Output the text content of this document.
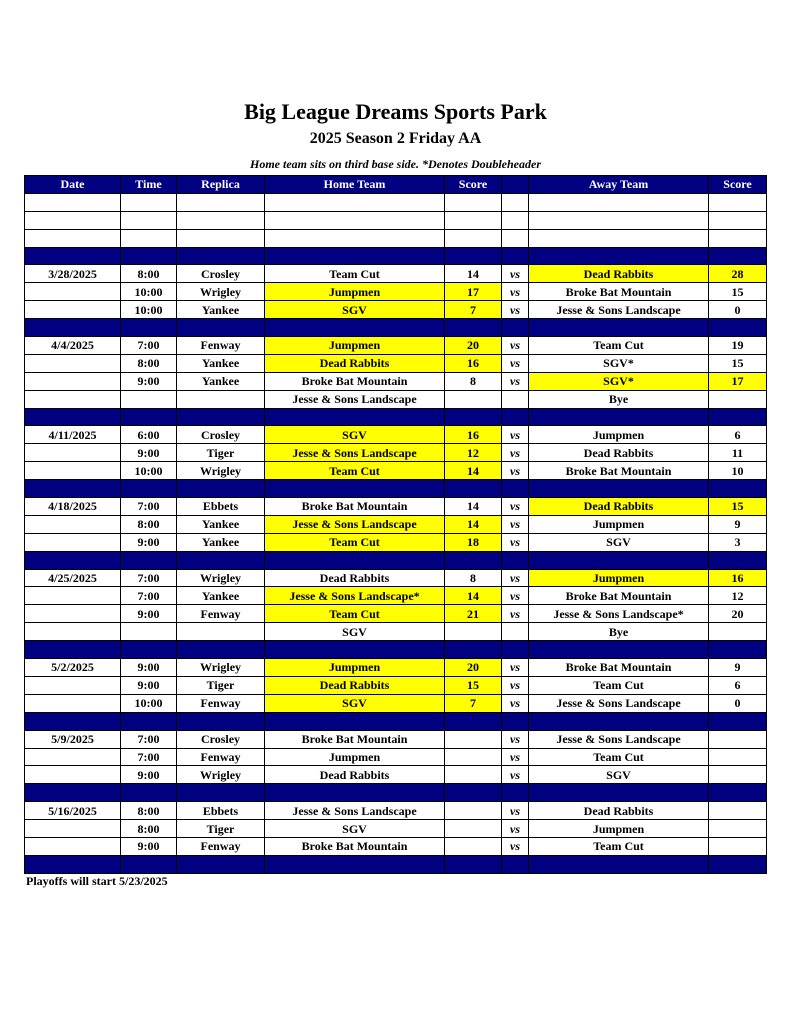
Big League Dreams Sports Park
2025 Season 2 Friday AA
Home team sits on third base side. *Denotes Doubleheader
Date	Time	Replica	Home Team	Score		Away Team	Score

3/28/2025	8:00	Crosley	Team Cut	14	vs	Dead Rabbits	28
	10:00	Wrigley	Jumpmen	17	vs	Broke Bat Mountain	15
	10:00	Yankee	SGV	7	vs	Jesse & Sons Landscape	0

4/4/2025	7:00	Fenway	Jumpmen	20	vs	Team Cut	19
	8:00	Yankee	Dead Rabbits	16	vs	SGV*	15
	9:00	Yankee	Broke Bat Mountain	8	vs	SGV*	17
			Jesse & Sons Landscape			Bye	

4/11/2025	6:00	Crosley	SGV	16	vs	Jumpmen	6
	9:00	Tiger	Jesse & Sons Landscape	12	vs	Dead Rabbits	11
	10:00	Wrigley	Team Cut	14	vs	Broke Bat Mountain	10

4/18/2025	7:00	Ebbets	Broke Bat Mountain	14	vs	Dead Rabbits	15
	8:00	Yankee	Jesse & Sons Landscape	14	vs	Jumpmen	9
	9:00	Yankee	Team Cut	18	vs	SGV	3

4/25/2025	7:00	Wrigley	Dead Rabbits	8	vs	Jumpmen	16
	7:00	Yankee	Jesse & Sons Landscape*	14	vs	Broke Bat Mountain	12
	9:00	Fenway	Team Cut	21	vs	Jesse & Sons Landscape*	20
			SGV			Bye	

5/2/2025	9:00	Wrigley	Jumpmen	20	vs	Broke Bat Mountain	9
	9:00	Tiger	Dead Rabbits	15	vs	Team Cut	6
	10:00	Fenway	SGV	7	vs	Jesse & Sons Landscape	0

5/9/2025	7:00	Crosley	Broke Bat Mountain		vs	Jesse & Sons Landscape	
	7:00	Fenway	Jumpmen		vs	Team Cut	
	9:00	Wrigley	Dead Rabbits		vs	SGV	

5/16/2025	8:00	Ebbets	Jesse & Sons Landscape		vs	Dead Rabbits	
	8:00	Tiger	SGV		vs	Jumpmen	
	9:00	Fenway	Broke Bat Mountain		vs	Team Cut	

Playoffs will start 5/23/2025
